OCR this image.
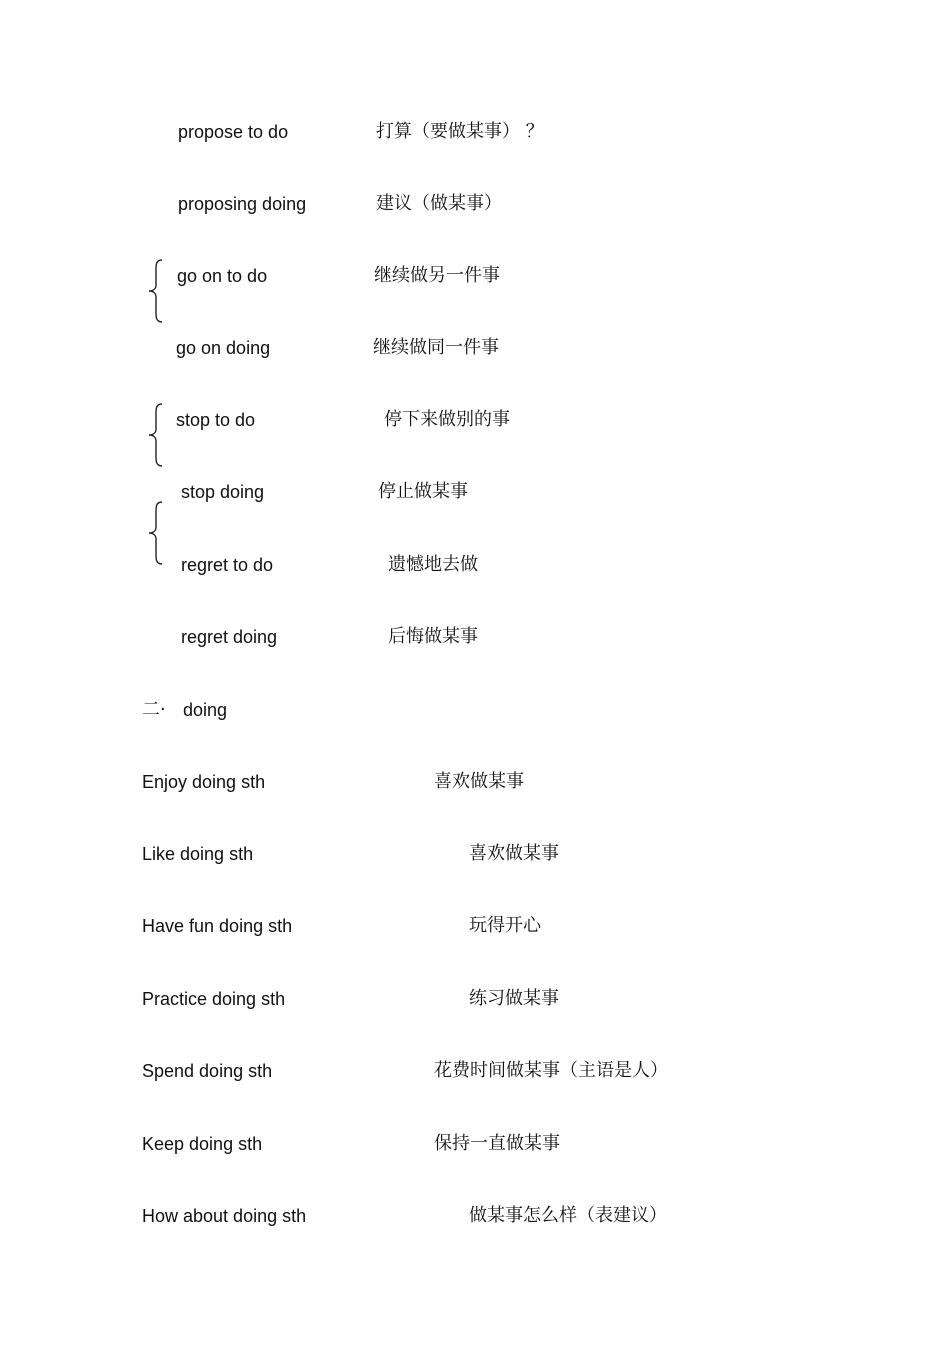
propose to do	打算（要做某事） ？
proposing doing	建议（做某事）
go on to do	继续做另一件事
go on doing	继续做同一件事
stop to do	停下来做别的事
stop doing	停止做某事
regret to do	遗憾地去做
regret doing	后悔做某事
二· doing
Enjoy doing sth	喜欢做某事
Like doing sth	喜欢做某事
Have fun doing sth	玩得开心
Practice doing sth	练习做某事
Spend doing sth	花费时间做某事（主语是人）
Keep doing sth	保持一直做某事
How about doing sth	做某事怎么样（表建议）
